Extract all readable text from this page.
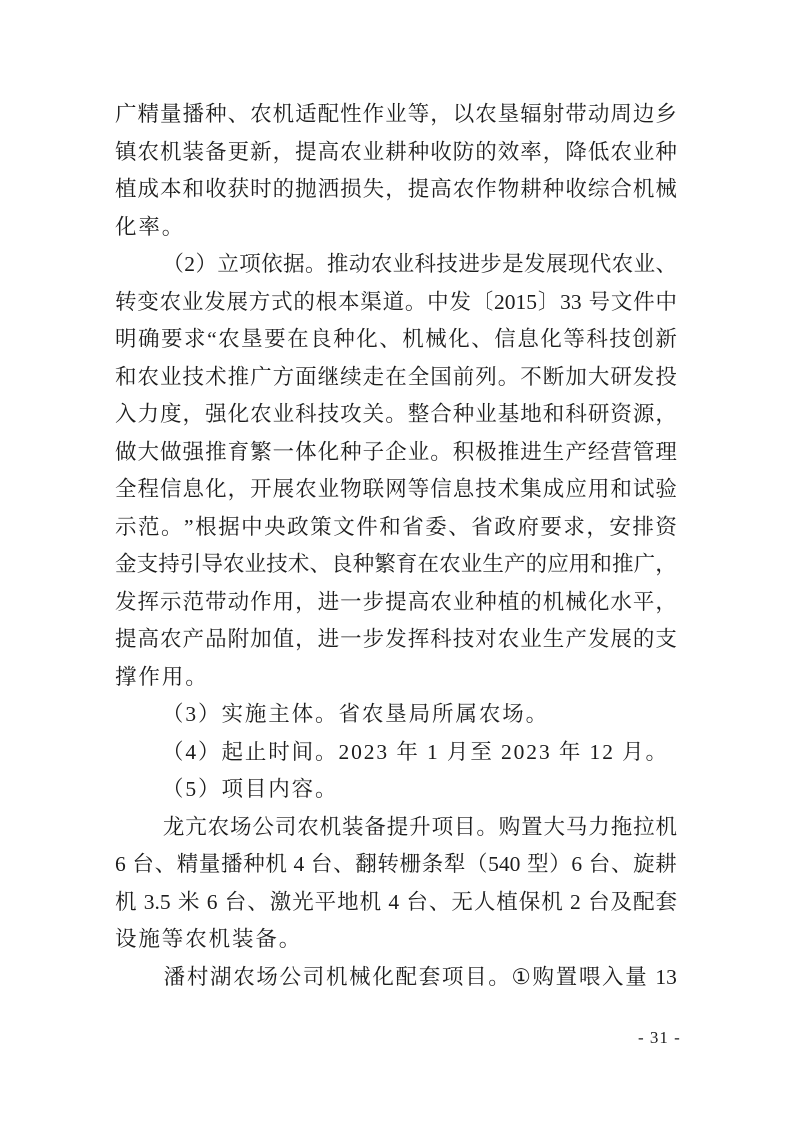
广 精 量 播 种 、 农 机 适 配 性 作 业 等 ， 以 农 垦 辐 射 带 动 周 边 乡
镇 农 机 装 备 更 新 ， 提 高 农 业 耕 种 收 防 的 效 率 ， 降 低 农 业 种
植 成 本 和 收 获 时 的 抛 洒 损 失 ， 提 高 农 作 物 耕 种 收 综 合 机 械
化率。
（ 2 ） 立 项 依 据 。 推 动 农 业 科 技 进 步 是 发 展 现 代 农 业 、
转 变 农 业 发 展 方 式 的 根 本 渠 道 。 中 发 〔 2015 〕 33
号 文 件 中
明 确 要 求 “ 农 垦 要 在 良 种 化 、 机 械 化 、 信 息 化 等 科 技 创 新
和 农 业 技 术 推 广 方 面 继 续 走 在 全 国 前 列 。 不 断 加 大 研 发 投
入 力 度 ， 强 化 农 业 科 技 攻 关 。 整 合 种 业 基 地 和 科 研 资 源 ，
做 大 做 强 推 育 繁 一 体 化 种 子 企 业 。 积 极 推 进 生 产 经 营 管 理
全 程 信 息 化 ， 开 展 农 业 物 联 网 等 信 息 技 术 集 成 应 用 和 试 验
示 范 。 ” 根 据 中 央 政 策 文 件 和 省 委 、 省 政 府 要 求 ， 安 排 资
金 支 持 引 导 农 业 技 术 、 良 种 繁 育 在 农 业 生 产 的 应 用 和 推 广 ，
发 挥 示 范 带 动 作 用 ， 进 一 步 提 高 农 业 种 植 的 机 械 化 水 平 ，
提 高 农 产 品 附 加 值 ， 进 一 步 发 挥 科 技 对 农 业 生 产 发 展 的 支
撑作用。
（3）实施主体。省农垦局所属农场。
（4）起止时间。2023 年 1 月至 2023 年 12 月。
（5）项目内容。
龙 亢 农 场 公 司 农 机 装 备 提 升 项 目 。 购 置 大 马 力 拖 拉 机
6
台 、 精 量 播 种 机
4
台 、 翻 转 栅 条 犁 （ 540
型 ） 6
台 、 旋 耕
机
3.5
米
6
台 、 激 光 平 地 机
4
台 、 无 人 植 保 机
2
台 及 配 套
设施等农机装备。
潘 村 湖 农 场 公 司 机 械 化 配 套 项 目 。 ① 购 置 喂 入 量
13
- 31 -
